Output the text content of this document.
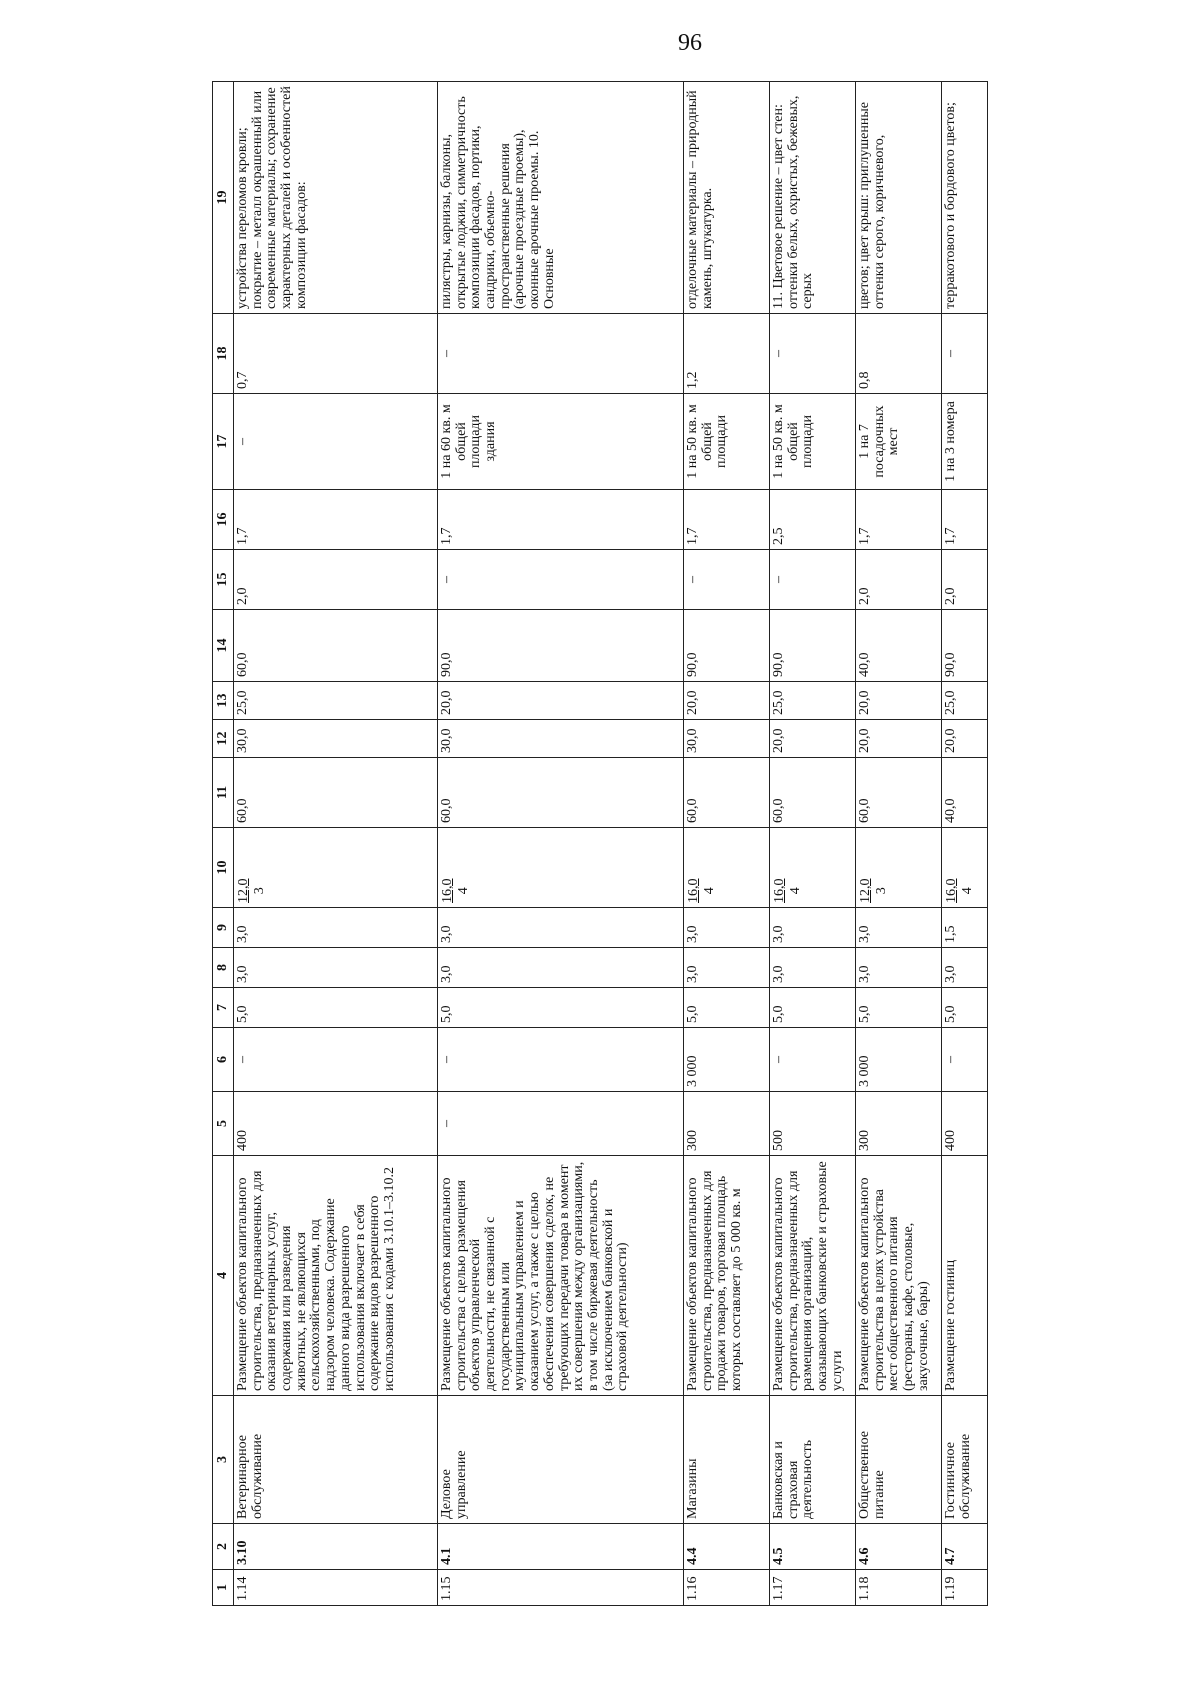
96
1	2	3	4	5	6	7	8	9	10	11	12	13	14	15	16	17	18	19
1.14	3.10	Ветеринарное обслуживание	Размещение объектов капитального строительства, предназначенных для оказания ветеринарных услуг, содержания или разведения животных, не являющихся сельскохозяйственными, под надзором человека. Содержание данного вида разрешенного использования включает в себя содержание видов разрешенного использования с кодами 3.10.1–3.10.2	400	–	5,0	3,0	3,0	12,0 3	60,0	30,0	25,0	60,0	2,0	1,7	–	0,7	устройства переломов кровли; покрытие – металл окрашенный или современные материалы; сохранение характерных деталей и особенностей композиции фасадов:
1.15	4.1	Деловое управление	Размещение объектов капитального строительства с целью размещения объектов управленческой деятельности, не связанной с государственным или муниципальным управлением и оказанием услуг, а также с целью обеспечения совершения сделок, не требующих передачи товара в момент их совершения между организациями, в том числе биржевая деятельность (за исключением банковской и страховой деятельности)	–	–	5,0	3,0	3,0	16,0 4	60,0	30,0	20,0	90,0	–	1,7	1 на 60 кв. м общей площади здания	–	пилястры, карнизы, балконы, открытые лоджии, симметричность композиции фасадов, портики, сандрики, объемно-пространственные решения (арочные проездные проемы), оконные арочные проемы. 10. Основные
1.16	4.4	Магазины	Размещение объектов капитального строительства, предназначенных для продажи товаров, торговая площадь которых составляет до 5 000 кв. м	300	3 000	5,0	3,0	3,0	16,0 4	60,0	30,0	20,0	90,0	–	1,7	1 на 50 кв. м общей площади	1,2	отделочные материалы – природный камень, штукатурка.
1.17	4.5	Банковская и страховая деятельность	Размещение объектов капитального строительства, предназначенных для размещения организаций, оказывающих банковские и страховые услуги	500	–	5,0	3,0	3,0	16,0 4	60,0	20,0	25,0	90,0	–	2,5	1 на 50 кв. м общей площади	–	11. Цветовое решение – цвет стен: оттенки белых, охристых, бежевых, серых
1.18	4.6	Общественное питание	Размещение объектов капитального строительства в целях устройства мест общественного питания (рестораны, кафе, столовые, закусочные, бары)	300	3 000	5,0	3,0	3,0	12,0 3	60,0	20,0	20,0	40,0	2,0	1,7	1 на 7 посадочных мест	0,8	цветов; цвет крыш: приглушенные оттенки серого, коричневого,
1.19	4.7	Гостиничное обслуживание	Размещение гостиниц	400	–	5,0	3,0	1,5	16,0 4	40,0	20,0	25,0	90,0	2,0	1,7	1 на 3 номера	–	терракотового и бордового цветов;
